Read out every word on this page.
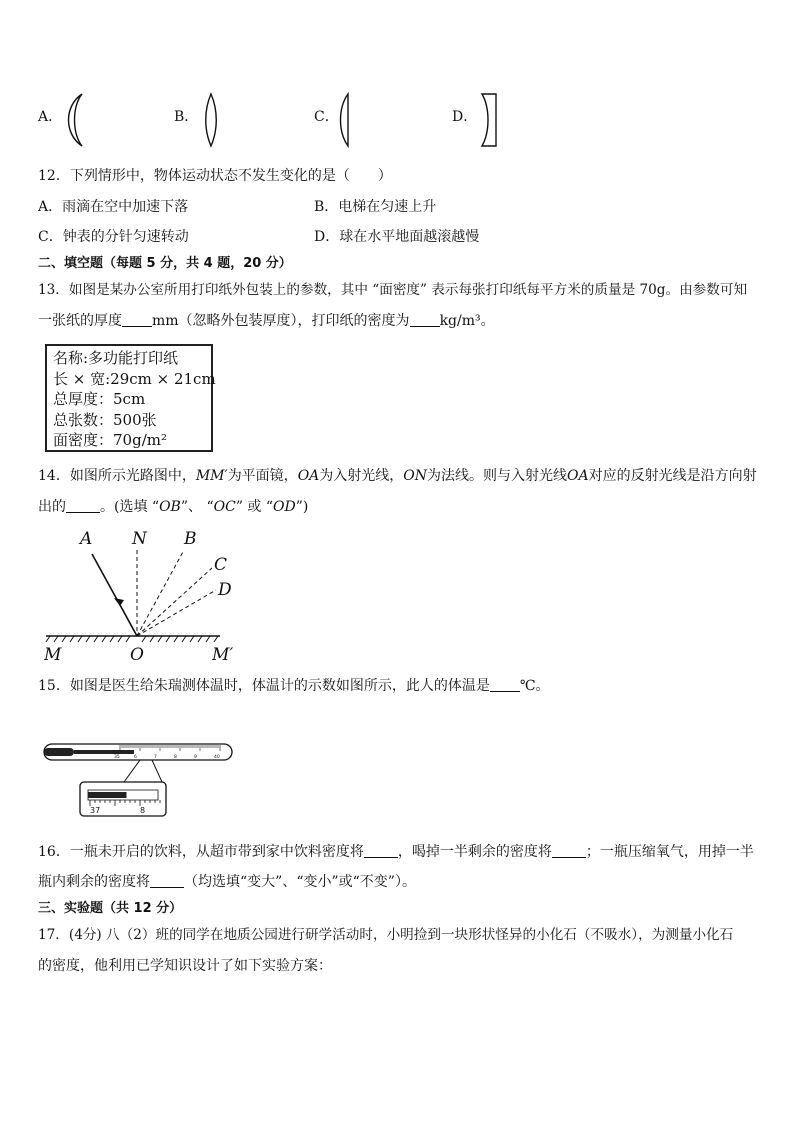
A．	B．	C．	D．
12．下列情形中，物体运动状态不发生变化的是（　　）
A．雨滴在空中加速下落	B．电梯在匀速上升
C．钟表的分针匀速转动	D．球在水平地面越滚越慢
二、填空题（每题 5 分，共 4 题，20 分）
13．如图是某办公室所用打印纸外包装上的参数，其中 “面密度” 表示每张打印纸每平方米的质量是 70g。由参数可知
一张纸的厚度 mm（忽略外包装厚度），打印纸的密度为 kg/m³。
名称:多功能打印纸
长 × 宽:29cm × 21cm
总厚度：5cm
总张数：500张
面密度：70g/m²
14．如图所示光路图中，MM′为平面镜，OA为入射光线，ON为法线。则与入射光线OA对应的反射光线是沿方向射
出的 。(选填 “OB”、 “OC” 或 “OD”)
A N B
C
D
M	O	M′
15．如图是医生给朱瑞测体温时，体温计的示数如图所示，此人的体温是 ℃。
35	6	7	8	9	40
37	8
16．一瓶未开启的饮料，从超市带到家中饮料密度将 ，喝掉一半剩余的密度将 ；一瓶压缩氧气，用掉一半
瓶内剩余的密度将 （均选填“变大”、“变小”或“不变”）。
三、实验题（共 12 分）
17．(4分) 八（2）班的同学在地质公园进行研学活动时，小明捡到一块形状怪异的小化石（不吸水），为测量小化石
的密度，他利用已学知识设计了如下实验方案：
